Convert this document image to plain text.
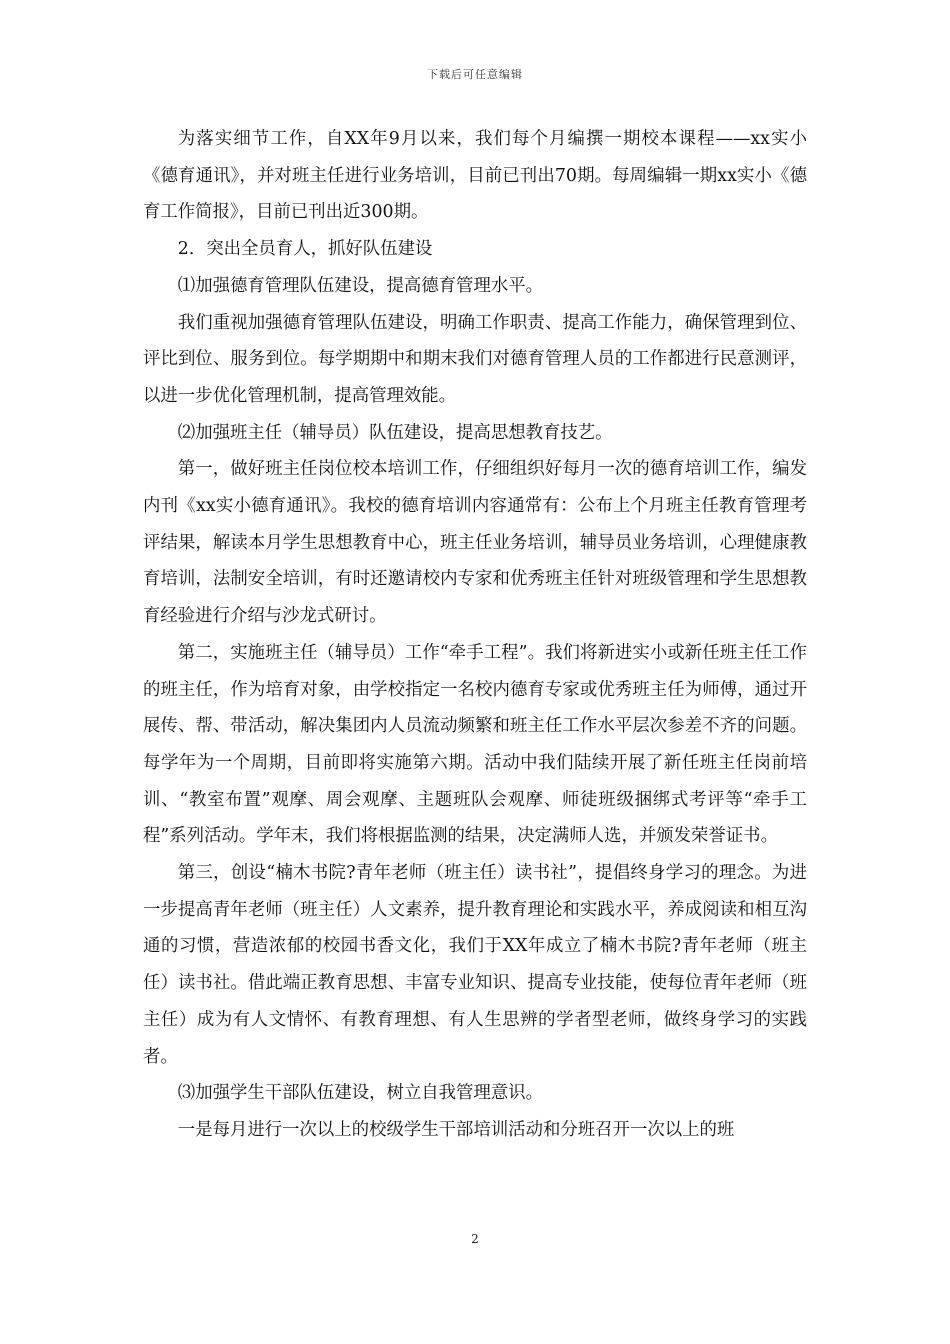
下载后可任意编辑

为落实细节工作，自XX年9月以来，我们每个月编撰一期校本课程——xx实小《德育通讯》，并对班主任进行业务培训，目前已刊出70期。每周编辑一期xx实小《德育工作简报》，目前已刊出近300期。

2．突出全员育人，抓好队伍建设

⑴加强德育管理队伍建设，提高德育管理水平。

我们重视加强德育管理队伍建设，明确工作职责、提高工作能力，确保管理到位、评比到位、服务到位。每学期期中和期末我们对德育管理人员的工作都进行民意测评，以进一步优化管理机制，提高管理效能。

⑵加强班主任（辅导员）队伍建设，提高思想教育技艺。

第一，做好班主任岗位校本培训工作，仔细组织好每月一次的德育培训工作，编发内刊《xx实小德育通讯》。我校的德育培训内容通常有：公布上个月班主任教育管理考评结果，解读本月学生思想教育中心，班主任业务培训，辅导员业务培训，心理健康教育培训，法制安全培训，有时还邀请校内专家和优秀班主任针对班级管理和学生思想教育经验进行介绍与沙龙式研讨。

第二，实施班主任（辅导员）工作“牵手工程”。我们将新进实小或新任班主任工作的班主任，作为培育对象，由学校指定一名校内德育专家或优秀班主任为师傅，通过开展传、帮、带活动，解决集团内人员流动频繁和班主任工作水平层次参差不齐的问题。每学年为一个周期，目前即将实施第六期。活动中我们陆续开展了新任班主任岗前培训、“教室布置”观摩、周会观摩、主题班队会观摩、师徒班级捆绑式考评等“牵手工程”系列活动。学年末，我们将根据监测的结果，决定满师人选，并颁发荣誉证书。

第三，创设“楠木书院?青年老师（班主任）读书社”，提倡终身学习的理念。为进一步提高青年老师（班主任）人文素养，提升教育理论和实践水平，养成阅读和相互沟通的习惯，营造浓郁的校园书香文化，我们于XX年成立了楠木书院?青年老师（班主任）读书社。借此端正教育思想、丰富专业知识、提高专业技能，使每位青年老师（班主任）成为有人文情怀、有教育理想、有人生思辨的学者型老师，做终身学习的实践者。

⑶加强学生干部队伍建设，树立自我管理意识。

一是每月进行一次以上的校级学生干部培训活动和分班召开一次以上的班

2
